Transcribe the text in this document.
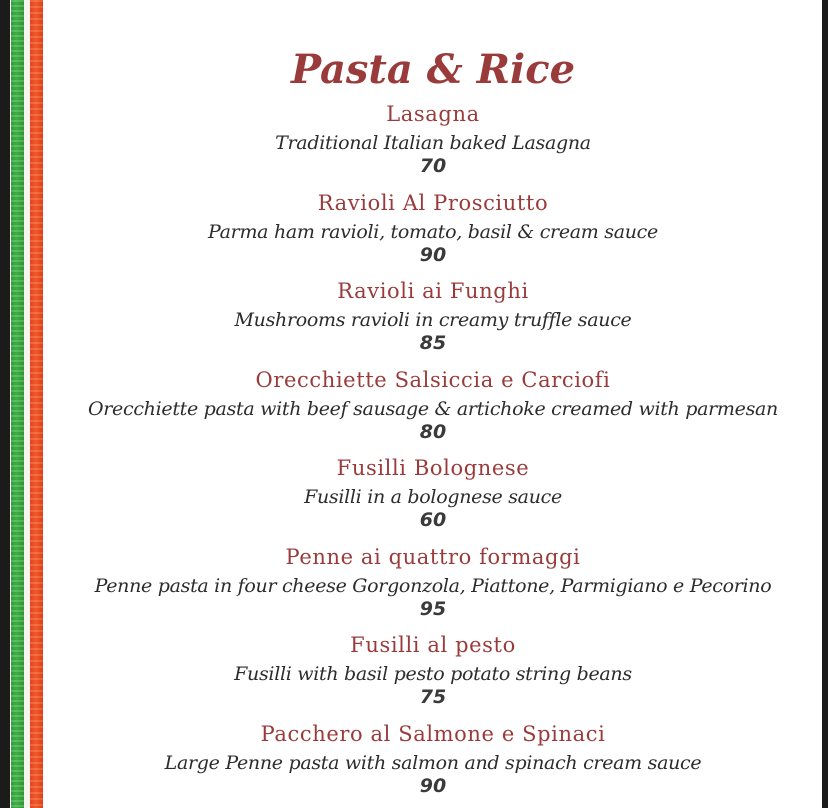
Pasta & Rice
Lasagna
Traditional Italian baked Lasagna
70
Ravioli Al Prosciutto
Parma ham ravioli, tomato, basil & cream sauce
90
Ravioli ai Funghi
Mushrooms ravioli in creamy truffle sauce
85
Orecchiette Salsiccia e Carciofi
Orecchiette pasta with beef sausage & artichoke creamed with parmesan
80
Fusilli Bolognese
Fusilli in a bolognese sauce
60
Penne ai quattro formaggi
Penne pasta in four cheese Gorgonzola, Piattone, Parmigiano e Pecorino
95
Fusilli al pesto
Fusilli with basil pesto potato string beans
75
Pacchero al Salmone e Spinaci
Large Penne pasta with salmon and spinach cream sauce
90
